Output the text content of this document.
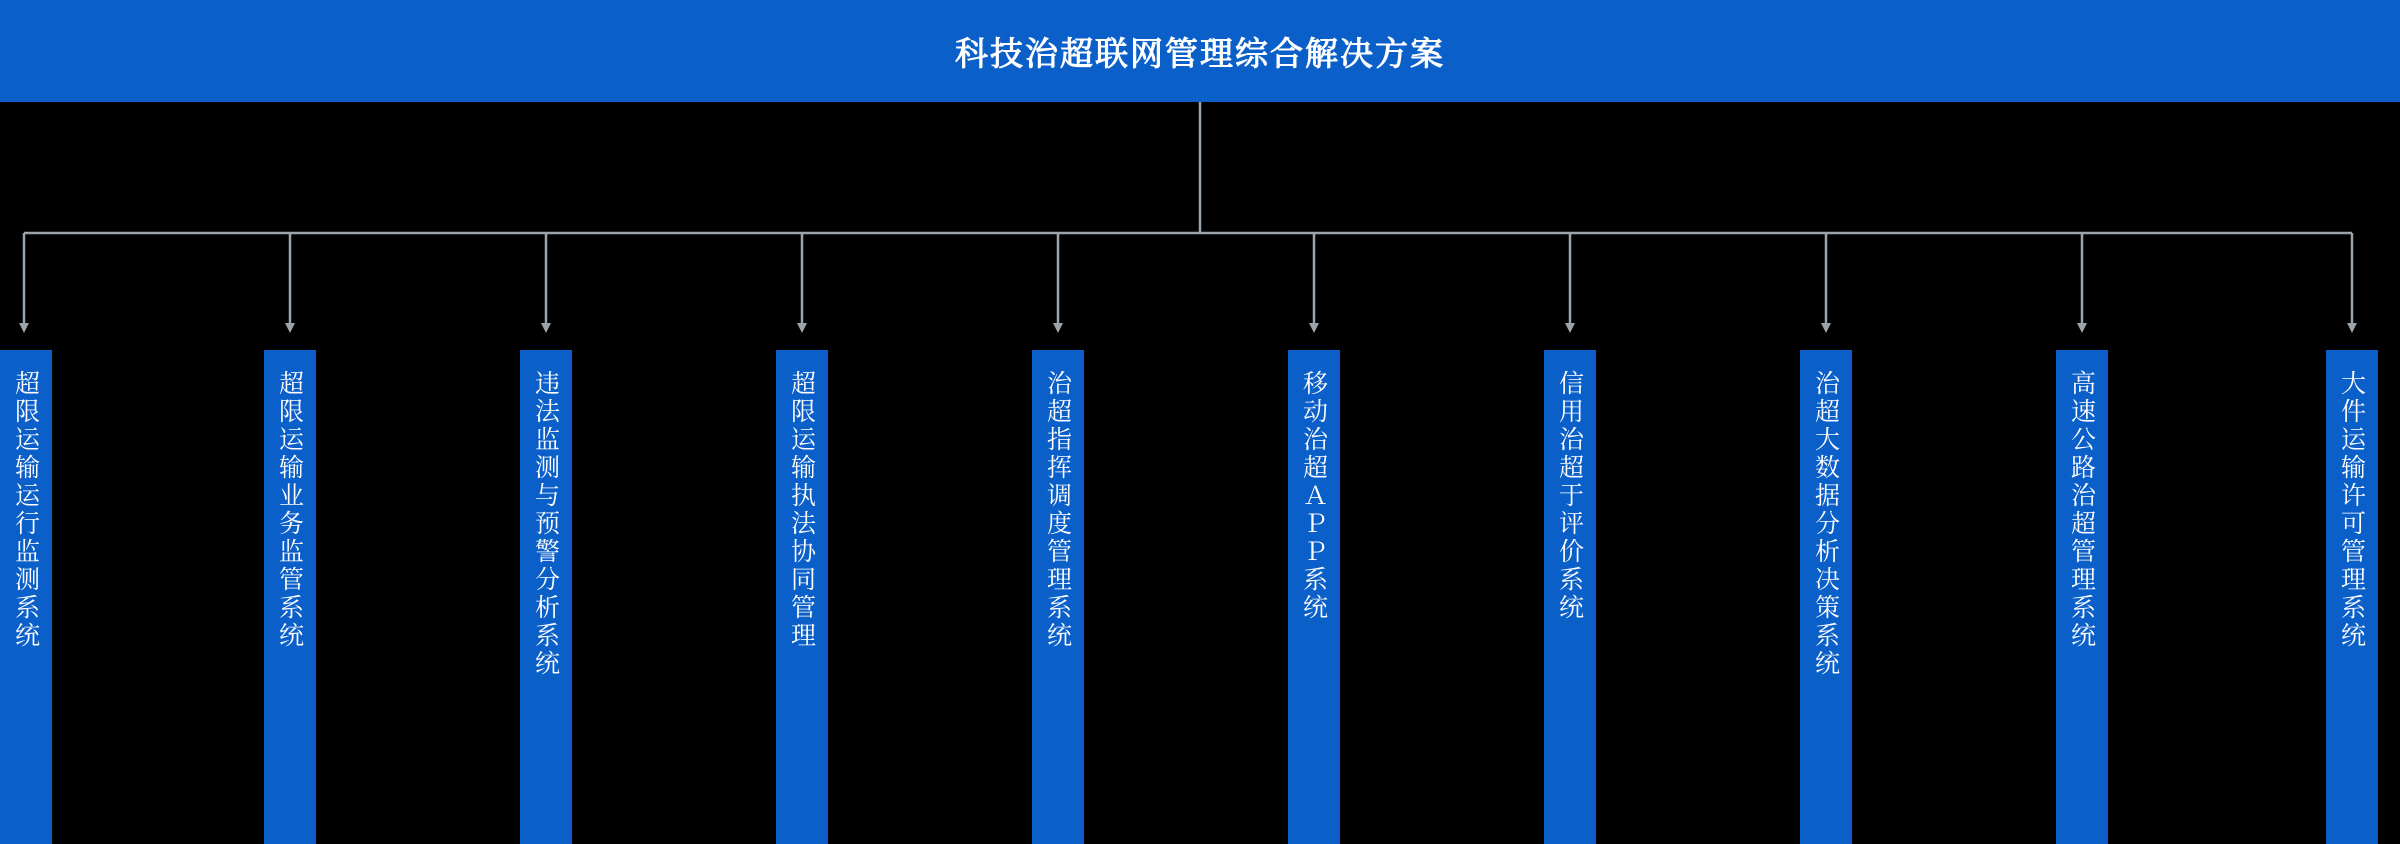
科技治超联网管理综合解决方案
超限运输运行监测系统	超限运输业务监管系统	违法监测与预警分析系统	超限运输执法协同管理	治超指挥调度管理系统	移动治超ＡＰＰ系统	信用治超于评价系统	治超大数据分析决策系统	高速公路治超管理系统	大件运输许可管理系统
